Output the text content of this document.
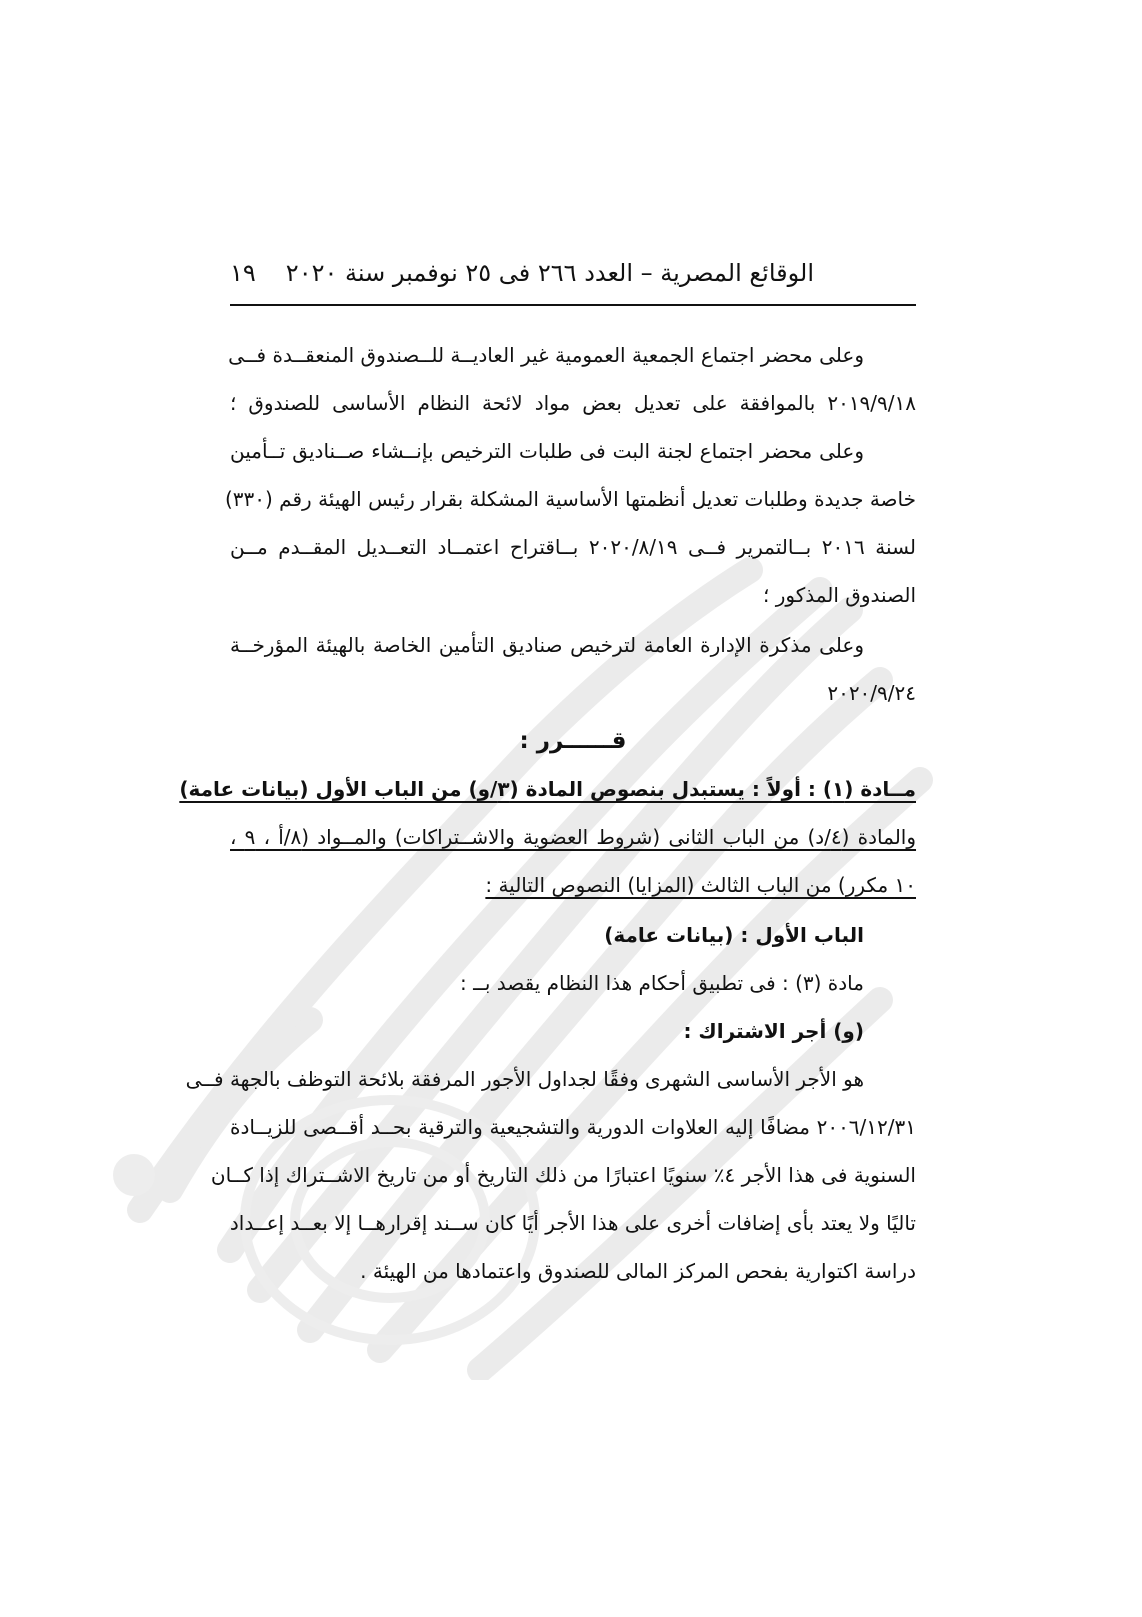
الوقائع المصرية – العدد ٢٦٦ فى ٢٥ نوفمبر سنة ٢٠٢٠
١٩
وعلى محضر اجتماع الجمعية العمومية غير العاديــة للــصندوق المنعقــدة فــى
٢٠١٩/٩/١٨ بالموافقة على تعديل بعض مواد لائحة النظام الأساسى للصندوق ؛
وعلى محضر اجتماع لجنة البت فى طلبات الترخيص بإنــشاء صــناديق تــأمين
خاصة جديدة وطلبات تعديل أنظمتها الأساسية المشكلة بقرار رئيس الهيئة رقم (٣٣٠)
لسنة ٢٠١٦ بــالتمرير فــى ٢٠٢٠/٨/١٩ بــاقتراح اعتمــاد التعــديل المقــدم مــن
الصندوق المذكور ؛
وعلى مذكرة الإدارة العامة لترخيص صناديق التأمين الخاصة بالهيئة المؤرخــة
٢٠٢٠/٩/٢٤
قــــــرر :
مــادة (١) : أولاً : يستبدل بنصوص المادة (٣/و) من الباب الأول (بيانات عامة)
والمادة (٤/د) من الباب الثانى (شروط العضوية والاشــتراكات) والمــواد (٨/أ ، ٩ ،
١٠ مكرر) من الباب الثالث (المزايا) النصوص التالية :
الباب الأول : (بيانات عامة)
مادة (٣) : فى تطبيق أحكام هذا النظام يقصد بــ :
(و) أجر الاشتراك :
هو الأجر الأساسى الشهرى وفقًا لجداول الأجور المرفقة بلائحة التوظف بالجهة فــى
٢٠٠٦/١٢/٣١ مضافًا إليه العلاوات الدورية والتشجيعية والترقية بحــد أقــصى للزيــادة
السنوية فى هذا الأجر ٤٪ سنويًا اعتبارًا من ذلك التاريخ أو من تاريخ الاشــتراك إذا كــان
تاليًا ولا يعتد بأى إضافات أخرى على هذا الأجر أيًا كان ســند إقرارهــا إلا بعــد إعــداد
دراسة اكتوارية بفحص المركز المالى للصندوق واعتمادها من الهيئة .
